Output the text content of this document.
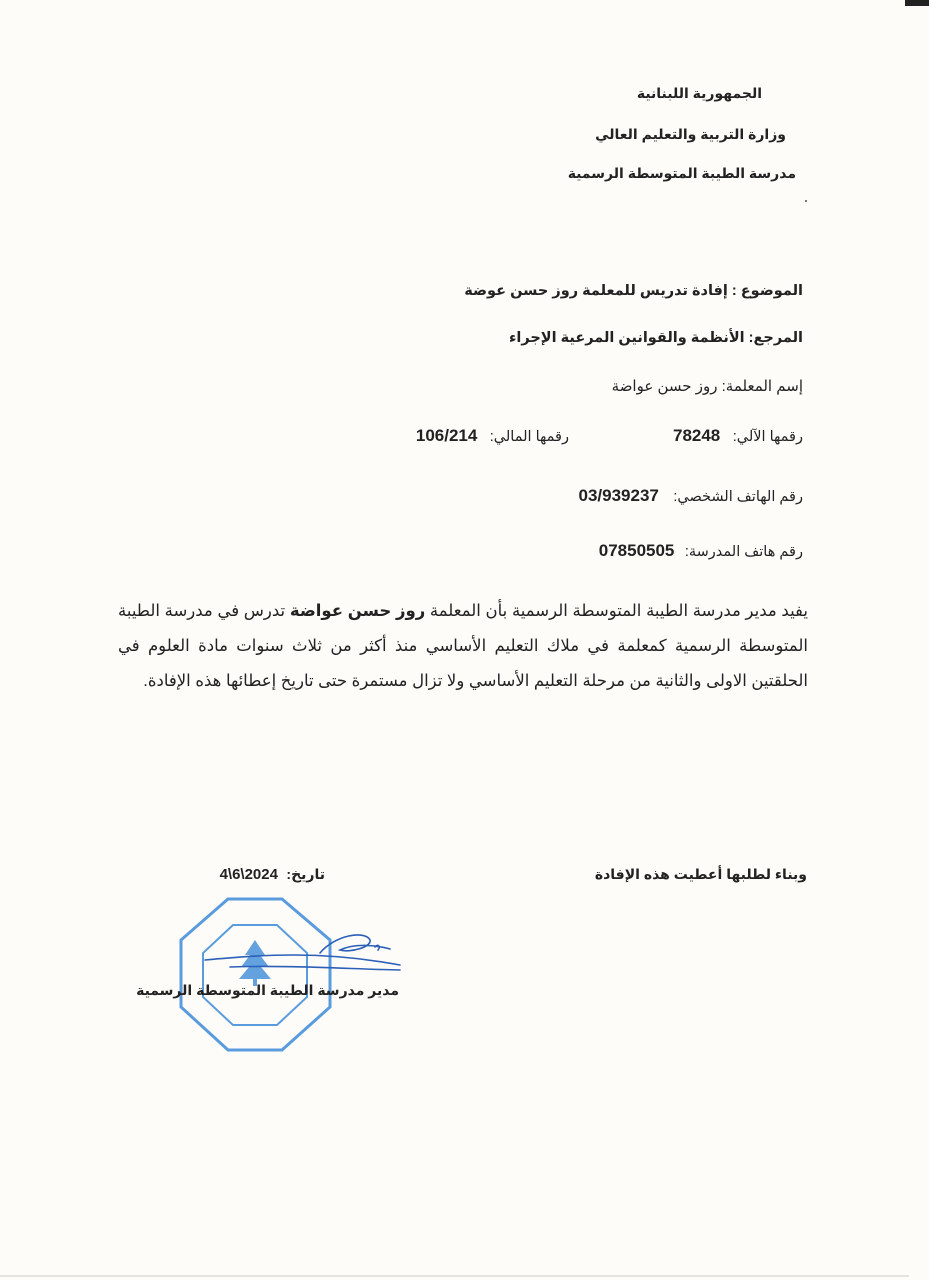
الجمهورية اللبنانية
وزارة التربية والتعليم العالي
مدرسة الطيبة المتوسطة الرسمية
الموضوع : إفادة تدريس للمعلمة روز حسن عوضة
المرجع: الأنظمة والقوانين المرعية الإجراء
إسم المعلمة: روز حسن عواضة
رقمها الآلي: 78248
رقمها المالي: 106/214
رقم الهاتف الشخصي: 03/939237
رقم هاتف المدرسة: 07850505
يفيد مدير مدرسة الطيبة المتوسطة الرسمية بأن المعلمة روز حسن عواضة تدرس في مدرسة الطيبة المتوسطة الرسمية كمعلمة في ملاك التعليم الأساسي منذ أكثر من ثلاث سنوات مادة العلوم في الحلقتين الاولى والثانية من مرحلة التعليم الأساسي ولا تزال مستمرة حتى تاريخ إعطائها هذه الإفادة.
وبناء لطلبها أعطيت هذه الإفادة
تاريخ: 4\6\2024
مدير مدرسة الطيبة المتوسطة الرسمية
